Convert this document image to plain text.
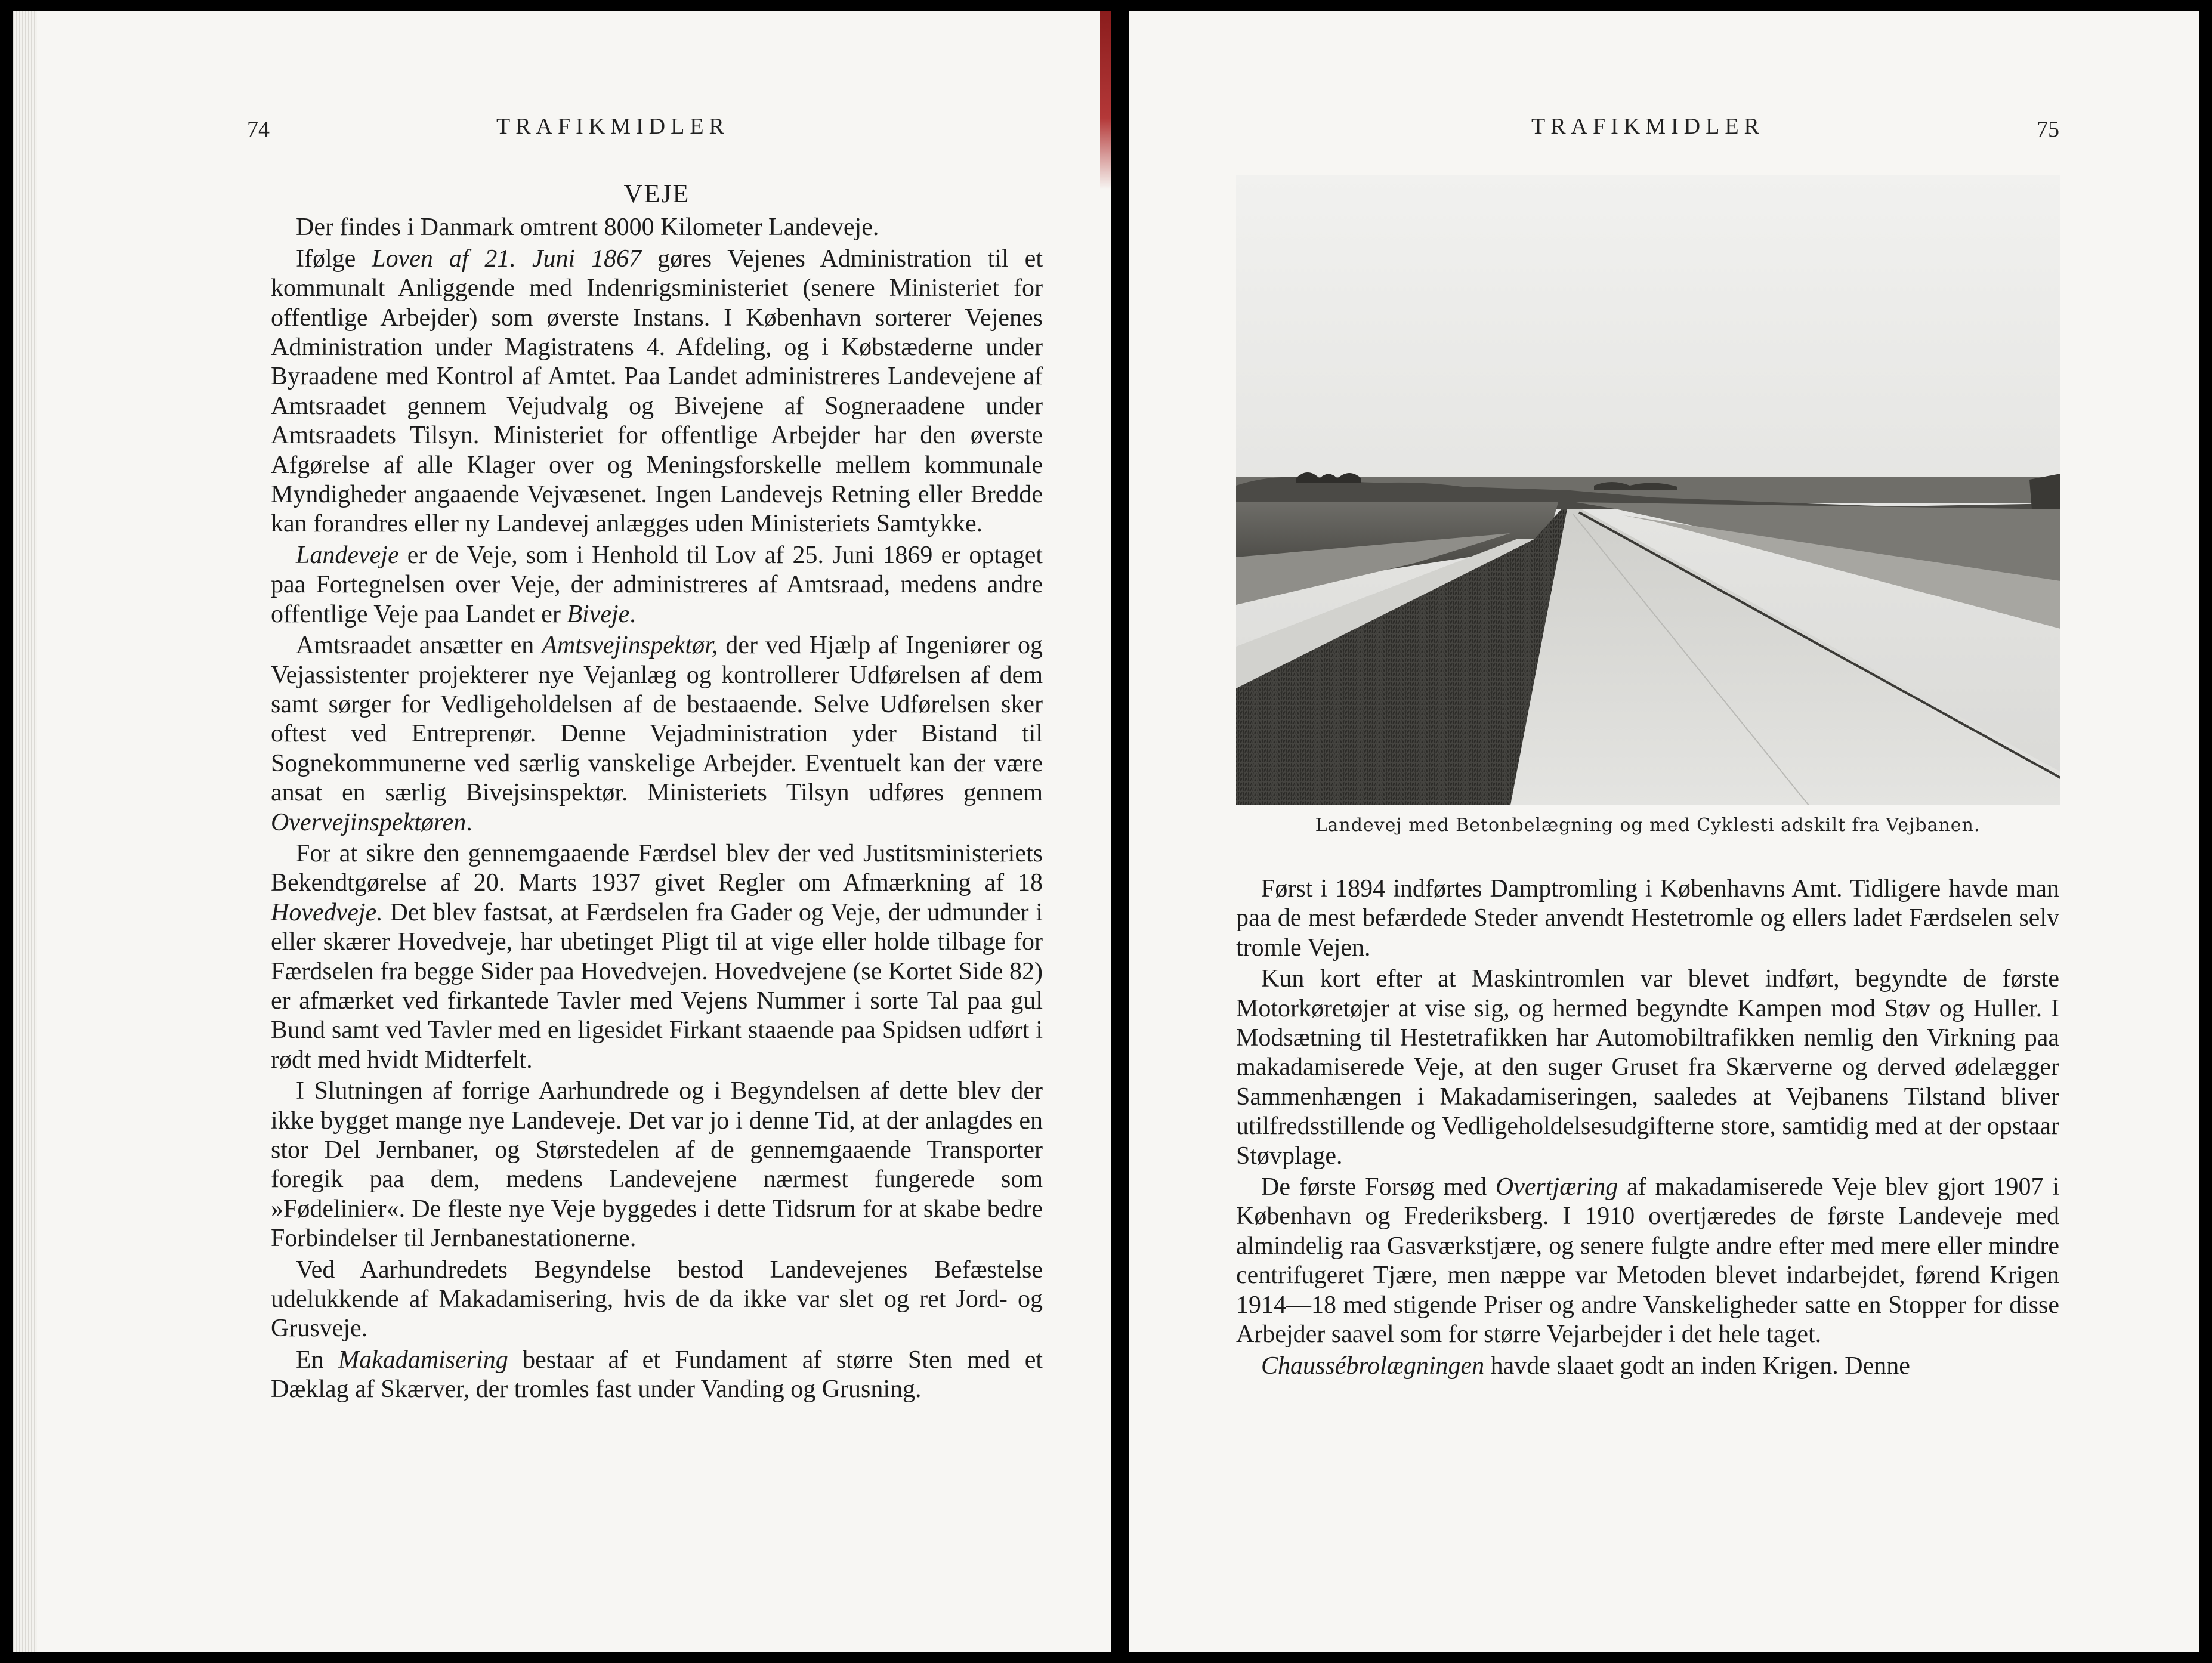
74	TRAFIKMIDLER
VEJE

Der findes i Danmark omtrent 8000 Kilometer Landeveje.

Ifølge Loven af 21. Juni 1867 gøres Vejenes Administration til et kommunalt Anliggende med Indenrigsministeriet (senere Ministeriet for offentlige Arbejder) som øverste Instans. I København sorterer Vejenes Administration under Magistratens 4. Afdeling, og i Købstæderne under Byraadene med Kontrol af Amtet. Paa Landet administreres Landevejene af Amtsraadet gennem Vejudvalg og Bivejene af Sogneraadene under Amtsraadets Tilsyn. Ministeriet for offentlige Arbejder har den øverste Afgørelse af alle Klager over og Meningsforskelle mellem kommunale Myndigheder angaaende Vejvæsenet. Ingen Landevejs Retning eller Bredde kan forandres eller ny Landevej anlægges uden Ministeriets Samtykke.

Landeveje er de Veje, som i Henhold til Lov af 25. Juni 1869 er optaget paa Fortegnelsen over Veje, der administreres af Amtsraad, medens andre offentlige Veje paa Landet er Biveje.

Amtsraadet ansætter en Amtsvejinspektør, der ved Hjælp af Ingeniører og Vejassistenter projekterer nye Vejanlæg og kontrollerer Udførelsen af dem samt sørger for Vedligeholdelsen af de bestaaende. Selve Udførelsen sker oftest ved Entreprenør. Denne Vejadministration yder Bistand til Sognekommunerne ved særlig vanskelige Arbejder. Eventuelt kan der være ansat en særlig Bivejsinspektør. Ministeriets Tilsyn udføres gennem Overvejinspektøren.

For at sikre den gennemgaaende Færdsel blev der ved Justitsministeriets Bekendtgørelse af 20. Marts 1937 givet Regler om Afmærkning af 18 Hovedveje. Det blev fastsat, at Færdselen fra Gader og Veje, der udmunder i eller skærer Hovedveje, har ubetinget Pligt til at vige eller holde tilbage for Færdselen fra begge Sider paa Hovedvejen. Hovedvejene (se Kortet Side 82) er afmærket ved firkantede Tavler med Vejens Nummer i sorte Tal paa gul Bund samt ved Tavler med en ligesidet Firkant staaende paa Spidsen udført i rødt med hvidt Midterfelt.

I Slutningen af forrige Aarhundrede og i Begyndelsen af dette blev der ikke bygget mange nye Landeveje. Det var jo i denne Tid, at der anlagdes en stor Del Jernbaner, og Størstedelen af de gennemgaaende Transporter foregik paa dem, medens Landevejene nærmest fungerede som »Fødelinier«. De fleste nye Veje byggedes i dette Tidsrum for at skabe bedre Forbindelser til Jernbanestationerne.

Ved Aarhundredets Begyndelse bestod Landevejenes Befæstelse udelukkende af Makadamisering, hvis de da ikke var slet og ret Jord- og Grusveje.

En Makadamisering bestaar af et Fundament af større Sten med et Dæklag af Skærver, der tromles fast under Vanding og Grusning.

TRAFIKMIDLER	75
Landevej med Betonbelægning og med Cyklesti adskilt fra Vejbanen.

Først i 1894 indførtes Damptromling i Københavns Amt. Tidligere havde man paa de mest befærdede Steder anvendt Hestetromle og ellers ladet Færdselen selv tromle Vejen.

Kun kort efter at Maskintromlen var blevet indført, begyndte de første Motorkøretøjer at vise sig, og hermed begyndte Kampen mod Støv og Huller. I Modsætning til Hestetrafikken har Automobiltrafikken nemlig den Virkning paa makadamiserede Veje, at den suger Gruset fra Skærverne og derved ødelægger Sammenhængen i Makadamiseringen, saaledes at Vejbanens Tilstand bliver utilfredsstillende og Vedligeholdelsesudgifterne store, samtidig med at der opstaar Støvplage.

De første Forsøg med Overtjæring af makadamiserede Veje blev gjort 1907 i København og Frederiksberg. I 1910 overtjæredes de første Landeveje med almindelig raa Gasværkstjære, og senere fulgte andre efter med mere eller mindre centrifugeret Tjære, men næppe var Metoden blevet indarbejdet, førend Krigen 1914—18 med stigende Priser og andre Vanskeligheder satte en Stopper for disse Arbejder saavel som for større Vejarbejder i det hele taget.

Chaussébrolægningen havde slaaet godt an inden Krigen. Denne
